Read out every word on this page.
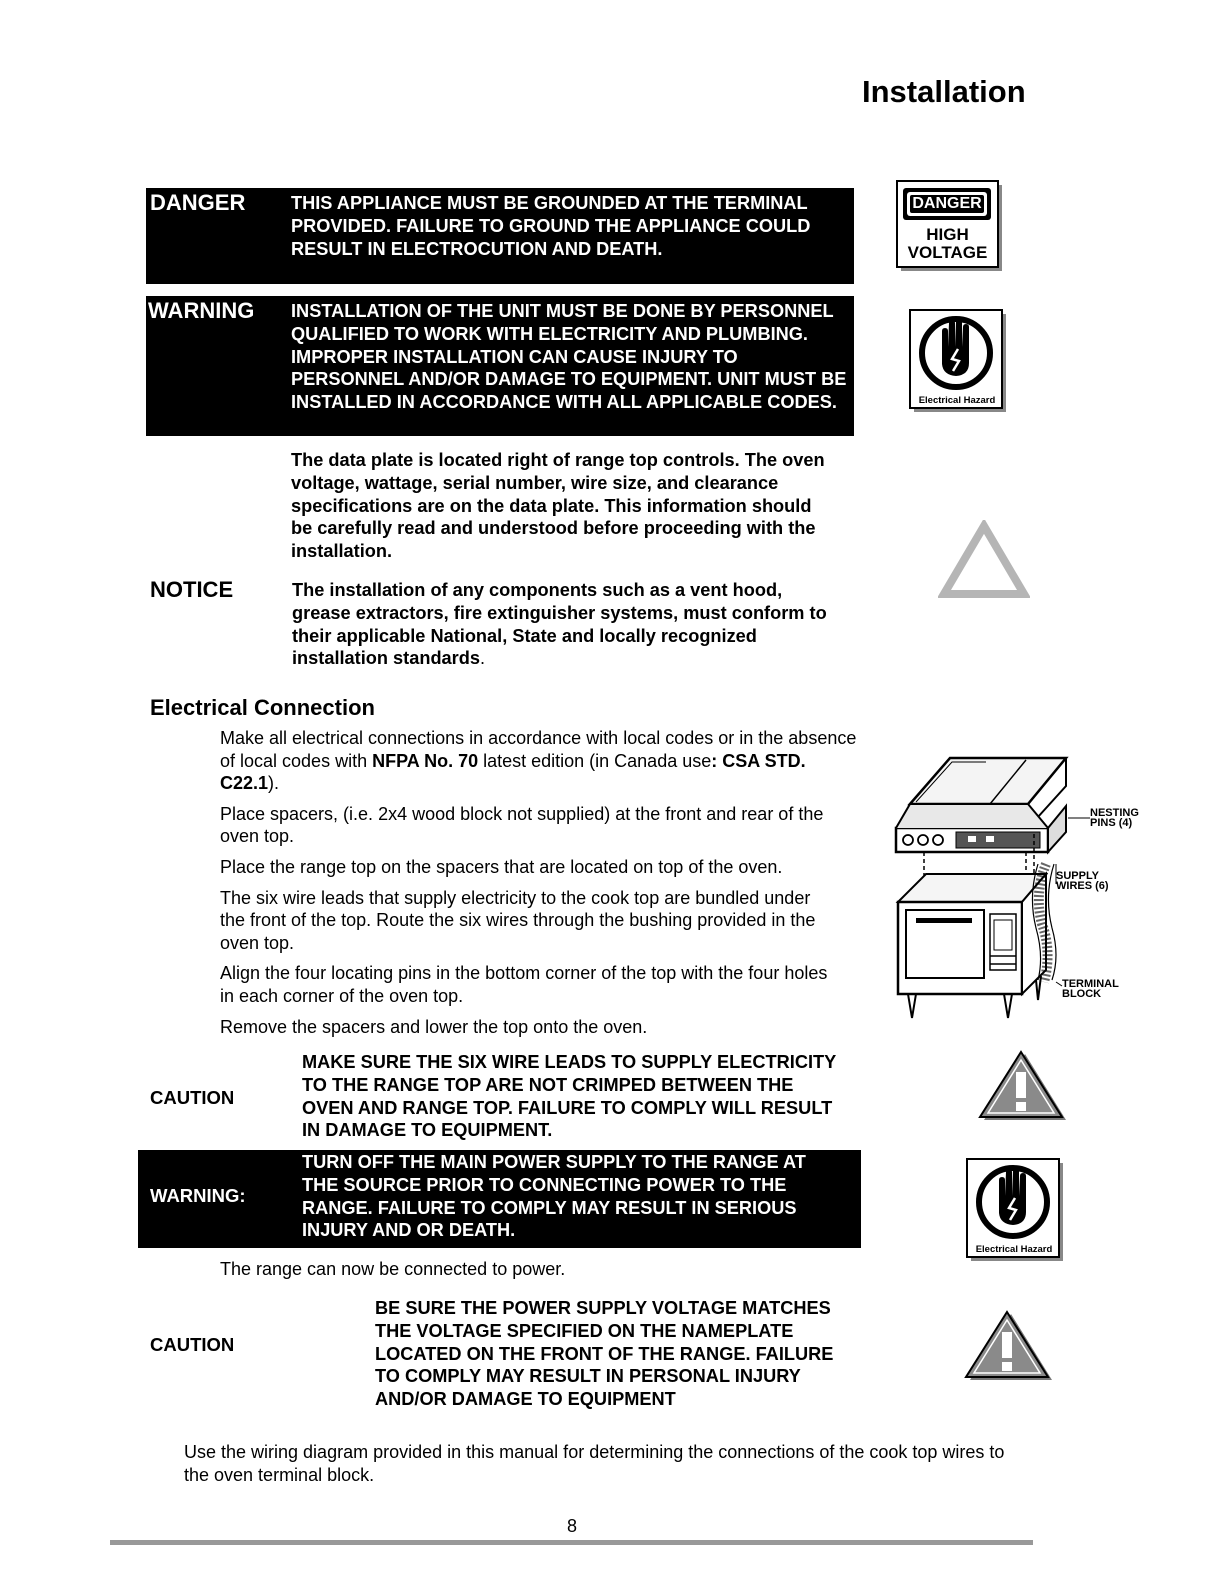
Installation
DANGER	THIS APPLIANCE MUST BE GROUNDED AT THE TERMINAL PROVIDED. FAILURE TO GROUND THE APPLIANCE COULD RESULT IN ELECTROCUTION AND DEATH.
DANGER
HIGH
VOLTAGE
WARNING INSTALLATION OF THE UNIT MUST BE DONE BY PERSONNEL QUALIFIED TO WORK WITH ELECTRICITY AND PLUMBING. IMPROPER INSTALLATION CAN CAUSE INJURY TO PERSONNEL AND/OR DAMAGE TO EQUIPMENT. UNIT MUST BE INSTALLED IN ACCORDANCE WITH ALL APPLICABLE CODES.	Electrical Hazard
The data plate is located right of range top controls. The oven voltage, wattage, serial number, wire size, and clearance specifications are on the data plate. This information should be carefully read and understood before proceeding with the installation.
NOTICE	The installation of any components such as a vent hood, grease extractors, fire extinguisher systems, must conform to their applicable National, State and locally recognized installation standards.
Electrical Connection

Make all electrical connections in accordance with local codes or in the absence of local codes with NFPA No. 70 latest edition (in Canada use: CSA STD. C22.1).

Place spacers, (i.e. 2x4 wood block not supplied) at the front and rear of the oven top.

Place the range top on the spacers that are located on top of the oven.

The six wire leads that supply electricity to the cook top are bundled under the front of the top. Route the six wires through the bushing provided in the oven top.

Align the four locating pins in the bottom corner of the top with the four holes in each corner of the oven top.

Remove the spacers and lower the top onto the oven.

NESTING
PINS (4)
SUPPLY
WIRES (6)
TERMINAL
BLOCK
CAUTION
MAKE SURE THE SIX WIRE LEADS TO SUPPLY ELECTRICITY TO THE RANGE TOP ARE NOT CRIMPED BETWEEN THE OVEN AND RANGE TOP. FAILURE TO COMPLY WILL RESULT IN DAMAGE TO EQUIPMENT.
WARNING:
TURN OFF THE MAIN POWER SUPPLY TO THE RANGE AT THE SOURCE PRIOR TO CONNECTING POWER TO THE RANGE. FAILURE TO COMPLY MAY RESULT IN SERIOUS INJURY AND OR DEATH.
Electrical Hazard
The range can now be connected to power.
CAUTION
BE SURE THE POWER SUPPLY VOLTAGE MATCHES THE VOLTAGE SPECIFIED ON THE NAMEPLATE LOCATED ON THE FRONT OF THE RANGE. FAILURE TO COMPLY MAY RESULT IN PERSONAL INJURY AND/OR DAMAGE TO EQUIPMENT
Use the wiring diagram provided in this manual for determining the connections of the cook top wires to the oven terminal block.
8
